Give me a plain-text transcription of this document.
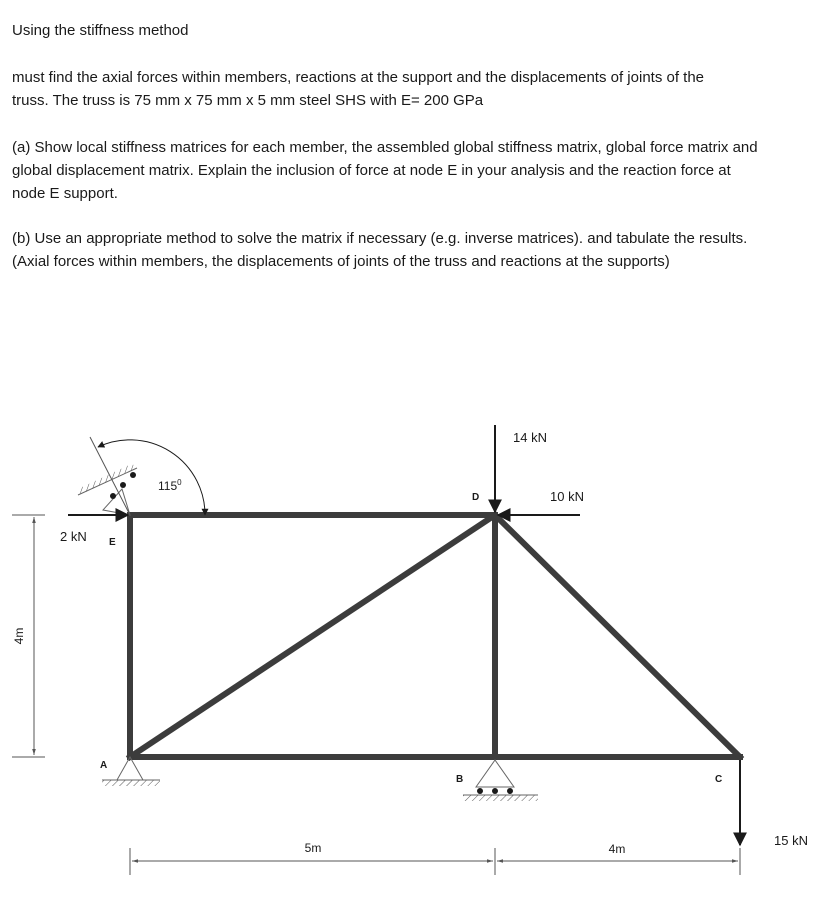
Using the stiffness method

must find the axial forces within members, reactions at the support and the displacements of joints of the
truss. The truss is 75 mm x 75 mm x 5 mm steel SHS with E= 200 GPa

(a) Show local stiffness matrices for each member, the assembled global stiffness matrix, global force matrix and
global displacement matrix. Explain the inclusion of force at node E in your analysis and the reaction force at
node E support.

(b) Use an appropriate method to solve the matrix if necessary (e.g. inverse matrices). and tabulate the results.
(Axial forces within members, the displacements of joints of the truss and reactions at the supports)

$115^0$
2 kN
14 kN
10 kN
15 kN
E
A
B	C
D
4m
5m	4m
